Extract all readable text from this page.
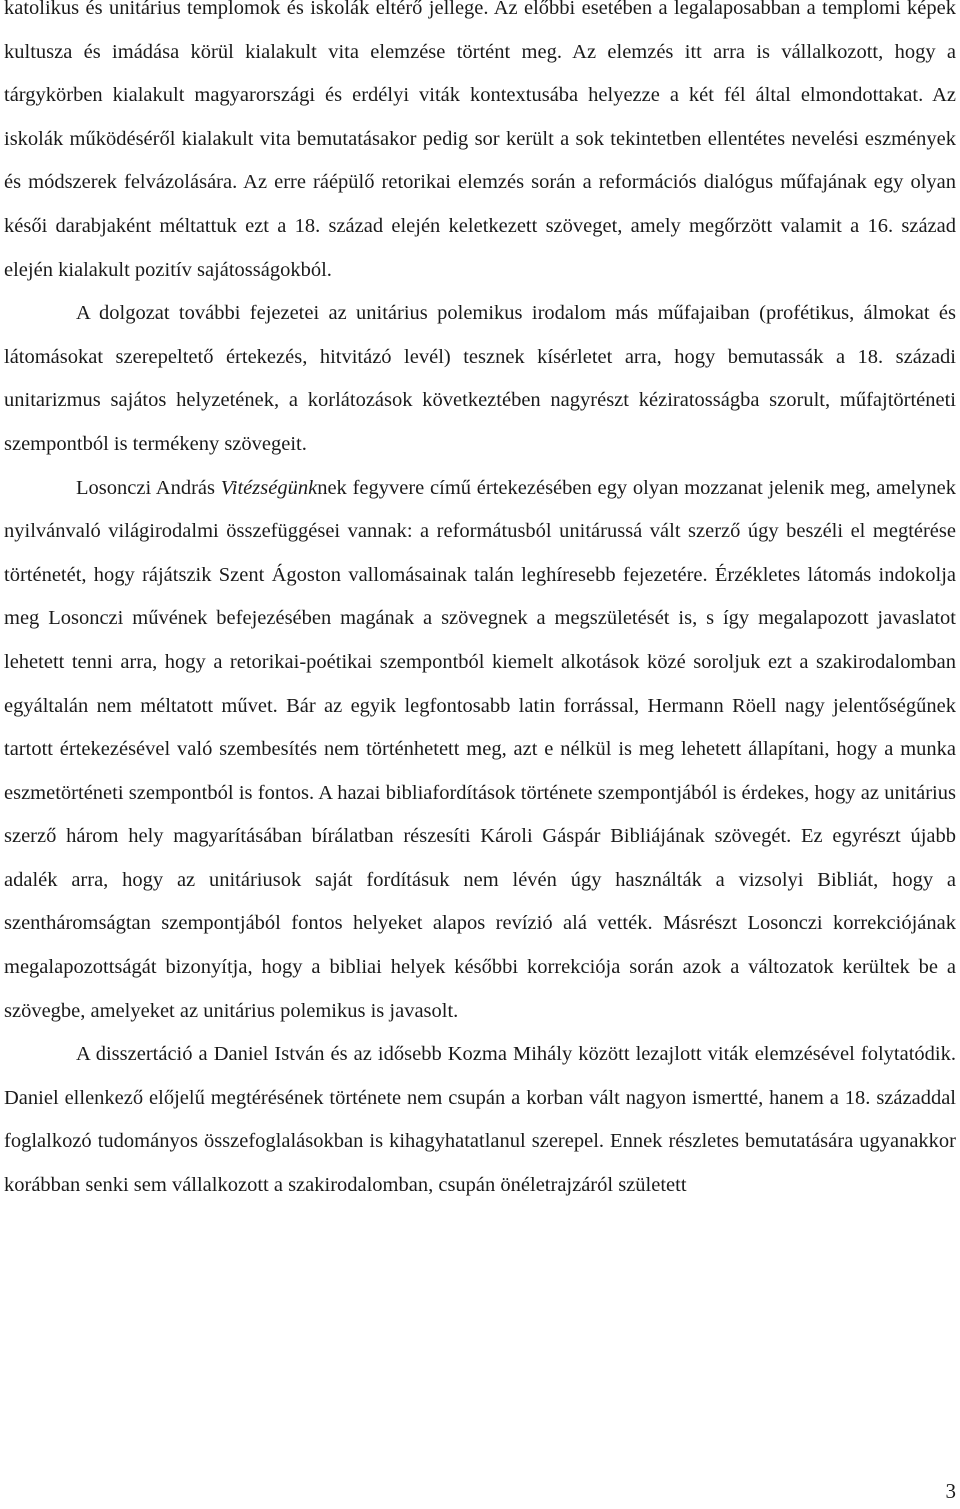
katolikus és unitárius templomok és iskolák eltérő jellege. Az előbbi esetében a legalaposabban a templomi képek kultusza és imádása körül kialakult vita elemzése történt meg. Az elemzés itt arra is vállalkozott, hogy a tárgykörben kialakult magyarországi és erdélyi viták kontextusába helyezze a két fél által elmondottakat. Az iskolák működéséről kialakult vita bemutatásakor pedig sor került a sok tekintetben ellentétes nevelési eszmények és módszerek felvázolására. Az erre ráépülő retorikai elemzés során a reformációs dialógus műfajának egy olyan késői darabjaként méltattuk ezt a 18. század elején keletkezett szöveget, amely megőrzött valamit a 16. század elején kialakult pozitív sajátosságokból.

A dolgozat további fejezetei az unitárius polemikus irodalom más műfajaiban (profétikus, álmokat és látomásokat szerepeltető értekezés, hitvitázó levél) tesznek kísérletet arra, hogy bemutassák a 18. századi unitarizmus sajátos helyzetének, a korlátozások következtében nagyrészt kéziratosságba szorult, műfajtörténeti szempontból is termékeny szövegeit.

Losonczi András Vitézségünknek fegyvere című értekezésében egy olyan mozzanat jelenik meg, amelynek nyilvánvaló világirodalmi összefüggései vannak: a reformátusból unitárussá vált szerző úgy beszéli el megtérése történetét, hogy rájátszik Szent Ágoston vallomásainak talán leghíresebb fejezetére. Érzékletes látomás indokolja meg Losonczi művének befejezésében magának a szövegnek a megszületését is, s így megalapozott javaslatot lehetett tenni arra, hogy a retorikai-poétikai szempontból kiemelt alkotások közé soroljuk ezt a szakirodalomban egyáltalán nem méltatott művet. Bár az egyik legfontosabb latin forrással, Hermann Röell nagy jelentőségűnek tartott értekezésével való szembesítés nem történhetett meg, azt e nélkül is meg lehetett állapítani, hogy a munka eszmetörténeti szempontból is fontos. A hazai bibliafordítások története szempontjából is érdekes, hogy az unitárius szerző három hely magyarításában bírálatban részesíti Károli Gáspár Bibliájának szövegét. Ez egyrészt újabb adalék arra, hogy az unitáriusok saját fordításuk nem lévén úgy használták a vizsolyi Bibliát, hogy a szentháromságtan szempontjából fontos helyeket alapos revízió alá vették. Másrészt Losonczi korrekciójának megalapozottságát bizonyítja, hogy a bibliai helyek későbbi korrekciója során azok a változatok kerültek be a szövegbe, amelyeket az unitárius polemikus is javasolt.

A disszertáció a Daniel István és az idősebb Kozma Mihály között lezajlott viták elemzésével folytatódik. Daniel ellenkező előjelű megtérésének története nem csupán a korban vált nagyon ismertté, hanem a 18. századdal foglalkozó tudományos összefoglalásokban is kihagyhatatlanul szerepel. Ennek részletes bemutatására ugyanakkor korábban senki sem vállalkozott a szakirodalomban, csupán önéletrajzáról született

3
